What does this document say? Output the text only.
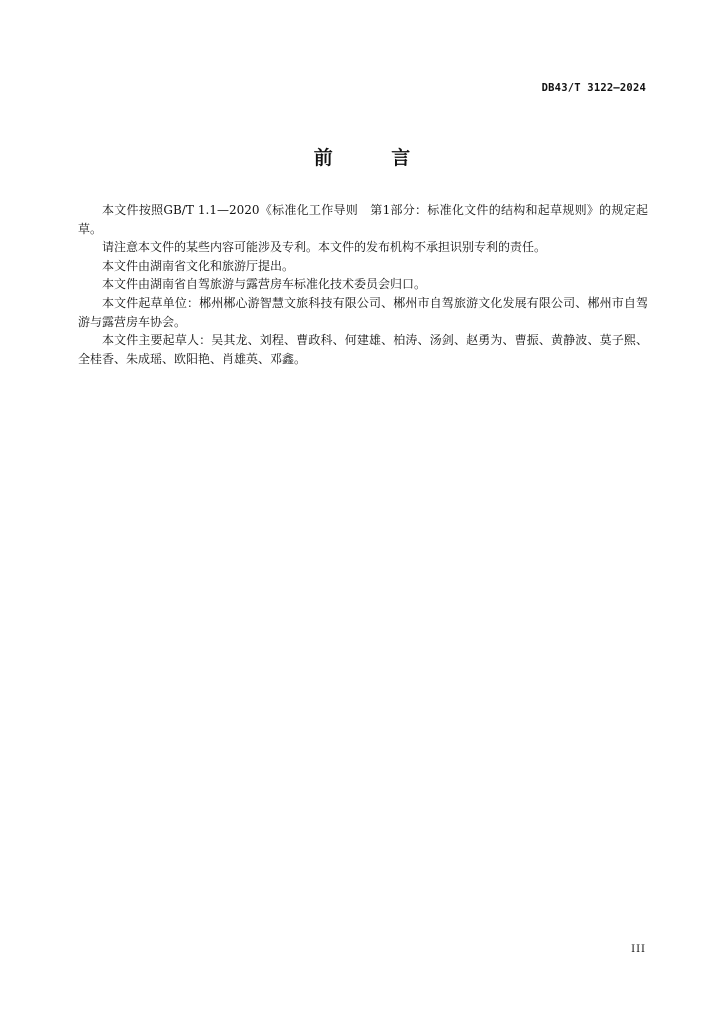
DB43/T 3122—2024
前 言

本文件按照GB/T 1.1—2020《标准化工作导则　第1部分：标准化文件的结构和起草规则》的规定起草。

请注意本文件的某些内容可能涉及专利。本文件的发布机构不承担识别专利的责任。

本文件由湖南省文化和旅游厅提出。

本文件由湖南省自驾旅游与露营房车标准化技术委员会归口。

本文件起草单位：郴州郴心游智慧文旅科技有限公司、郴州市自驾旅游文化发展有限公司、郴州市自驾游与露营房车协会。

本文件主要起草人：吴其龙、刘程、曹政科、何建雄、柏涛、汤剑、赵勇为、曹振、黄静波、莫子熙、全桂香、朱成瑶、欧阳艳、肖雄英、邓鑫。

III
